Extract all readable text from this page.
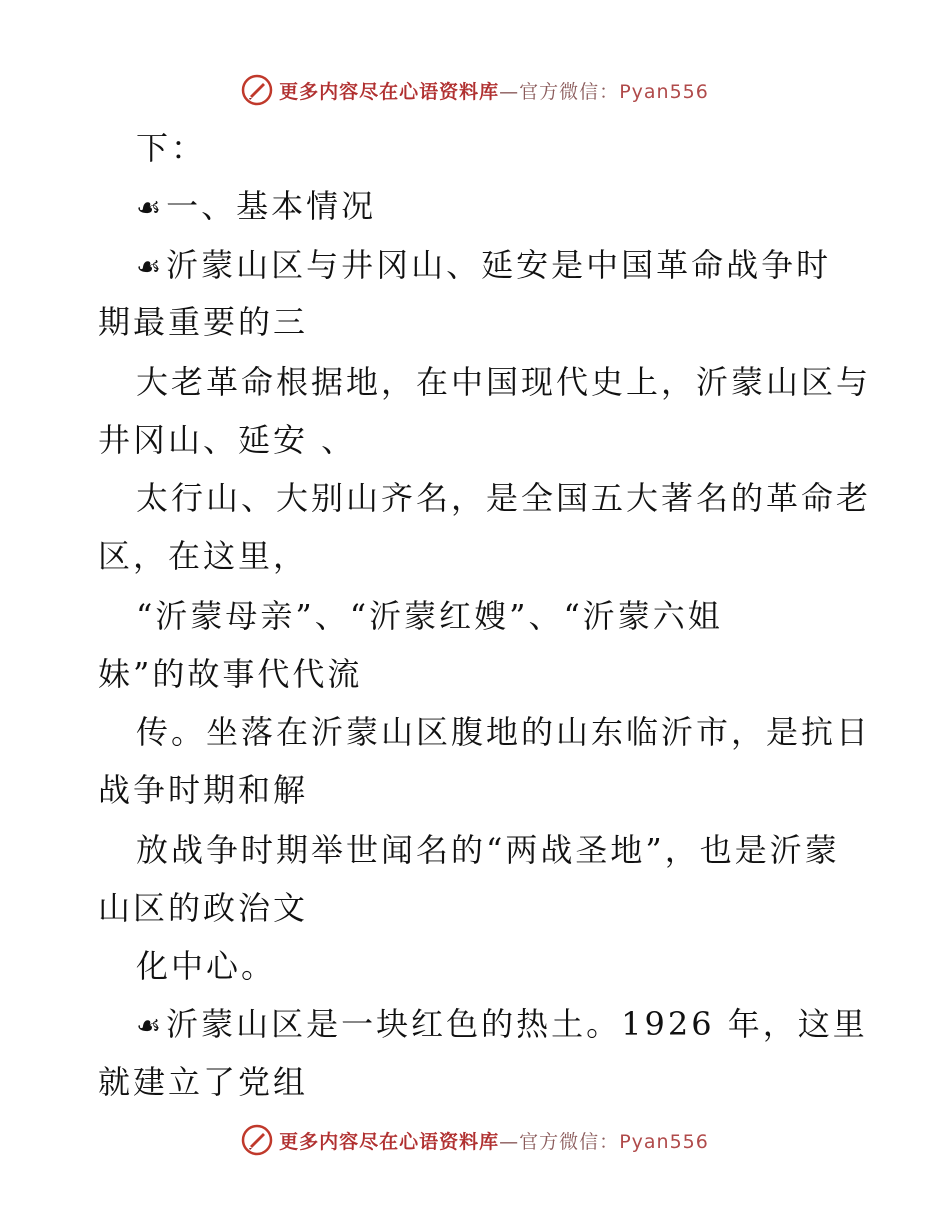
更多内容尽在心语资料库—官方微信：Pyan556
下：
☙一、基本情况
☙沂蒙山区与井冈山、延安是中国革命战争时
期最重要的三
大老革命根据地，在中国现代史上，沂蒙山区与
井冈山、延安 、
太行山、大别山齐名，是全国五大著名的革命老
区，在这里，
“沂蒙母亲”、“沂蒙红嫂”、“沂蒙六姐
妹”的故事代代流
传。坐落在沂蒙山区腹地的山东临沂市，是抗日
战争时期和解
放战争时期举世闻名的“两战圣地”，也是沂蒙
山区的政治文
化中心。
☙沂蒙山区是一块红色的热土。1926 年，这里
就建立了党组
更多内容尽在心语资料库—官方微信：Pyan556
